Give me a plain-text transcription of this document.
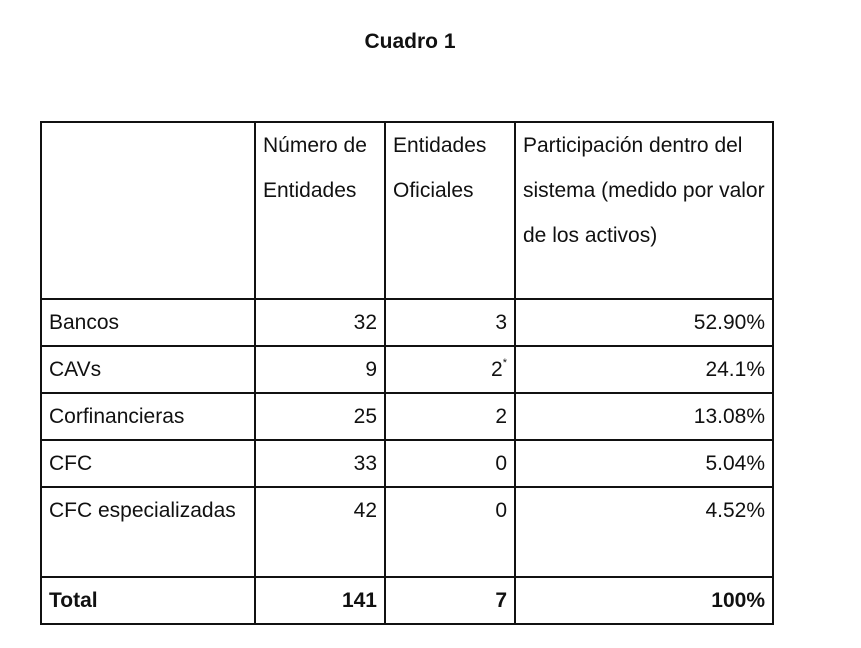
Cuadro 1
	Número de Entidades	Entidades Oficiales	Participación dentro del sistema (medido por valor de los activos)
Bancos	32	3	52.90%
CAVs	9	2*	24.1%
Corfinancieras	25	2	13.08%
CFC	33	0	5.04%
CFC especializadas	42	0	4.52%
Total	141	7	100%
